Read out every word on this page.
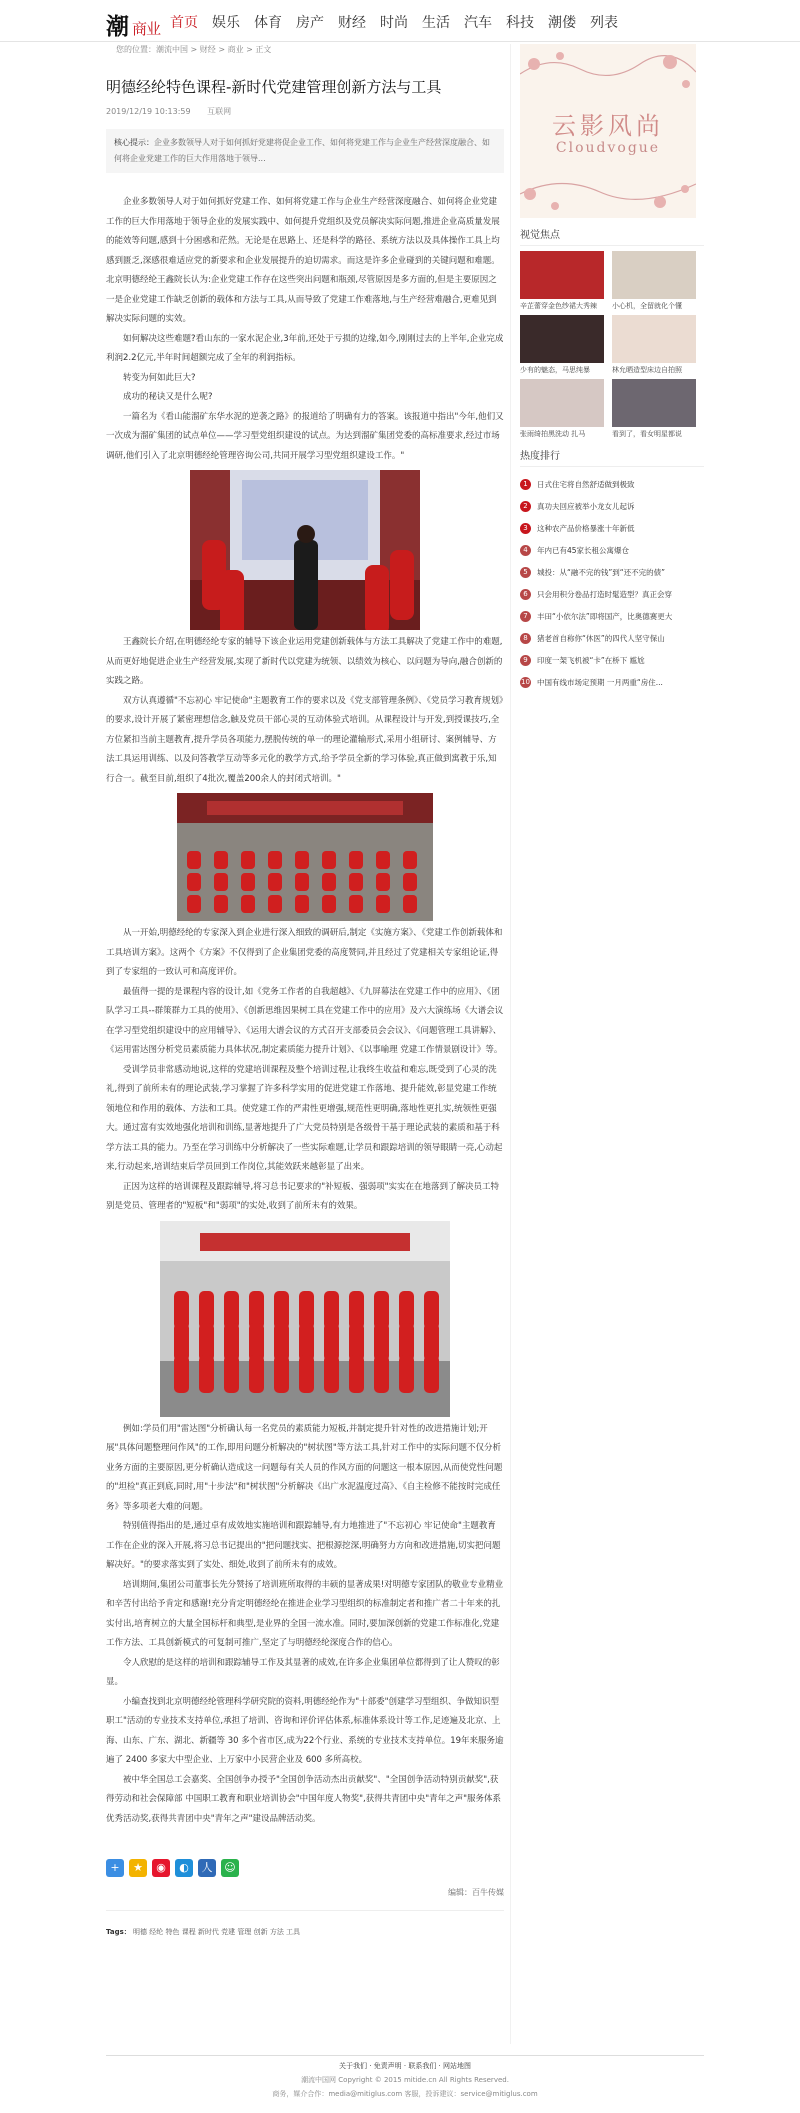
潮商业 首页 娱乐 体育 房产 财经 时尚 生活 汽车 科技 潮偻 列表
您的位置：潮流中国 > 财经 > 商业 > 正文
明德经纶特色课程-新时代党建管理创新方法与工具
2019/12/19 10:13:59 互联网
核心提示：企业多数领导人对于如何抓好党建将促企业工作、如何将党建工作与企业生产经营深度融合、如何将企业党建工作的巨大作用落地于领导...

企业多数领导人对于如何抓好党建工作、如何将党建工作与企业生产经营深度融合、如何将企业党建工作的巨大作用落地于领导企业的发展实践中、如何提升党组织及党员解决实际问题,推进企业高质量发展的能效等问题,感到十分困惑和茫然。无论是在思路上、还是科学的路径、系统方法以及具体操作工具上均感到匮乏,深感很难适应党的新要求和企业发展提升的迫切需求。而这是许多企业碰到的关键问题和难题。北京明德经纶王鑫院长认为:企业党建工作存在这些突出问题和瓶颈,尽管原因是多方面的,但是主要原因之一是企业党建工作缺乏创新的载体和方法与工具,从而导致了党建工作难落地,与生产经营难融合,更难见到解决实际问题的实效。

如何解决这些难题?看山东的一家水泥企业,3年前,还处于亏损的边缘,如今,刚刚过去的上半年,企业完成利润2.2亿元,半年时间超额完成了全年的利润指标。

转变为何如此巨大?

成功的秘诀又是什么呢?

一篇名为《看山能溜矿东华水泥的逆袭之路》的报道给了明确有力的答案。该报道中指出"今年,他们又一次成为溜矿集团的试点单位——学习型党组织建设的试点。为达到溜矿集团党委的高标准要求,经过市场调研,他们引入了北京明德经纶管理咨询公司,共同开展学习型党组织建设工作。"

王鑫院长介绍,在明德经纶专家的辅导下该企业运用党建创新载体与方法工具解决了党建工作中的难题,从而更好地促进企业生产经营发展,实现了新时代以党建为统领、以绩效为核心、以问题为导向,融合创新的实践之路。

双方认真遵循"不忘初心 牢记使命"主题教育工作的要求以及《党支部管理条例》、《党员学习教育规划》的要求,设计开展了紧密理想信念,触及党员干部心灵的互动体验式培训。从课程设计与开发,到授课技巧,全方位紧扣当前主题教育,提升学员各项能力,摆脱传统的单一的理论灌输形式,采用小组研讨、案例辅导、方法工具运用训练、以及问答教学互动等多元化的教学方式,给予学员全新的学习体验,真正做到寓教于乐,知行合一。截至目前,组织了4批次,覆盖200余人的封闭式培训。"

从一开始,明德经纶的专家深入到企业进行深入细致的调研后,制定《实施方案》、《党建工作创新载体和工具培训方案》。这两个《方案》不仅得到了企业集团党委的高度赞同,并且经过了党建相关专家组论证,得到了专家组的一致认可和高度评价。

最值得一提的是课程内容的设计,如《党务工作者的自我超越》、《九屏幕法在党建工作中的应用》、《团队学习工具--群策群力工具的使用》、《创新思维因果树工具在党建工作中的应用》及六大演练场《大谱会议在学习型党组织建设中的应用辅导》、《运用大谱会议的方式召开支部委员会会议》、《问题管理工具讲解》、《运用雷达图分析党员素质能力具体状况,制定素质能力提升计划》、《以事喻理 党建工作情景剧设计》等。

受训学员非常感动地说,这样的党建培训课程及整个培训过程,让我终生收益和难忘,既受到了心灵的洗礼,得到了前所未有的理论武装,学习掌握了许多科学实用的促进党建工作落地、提升能效,彰显党建工作统领地位和作用的载体、方法和工具。使党建工作的严肃性更增强,规范性更明确,落地性更扎实,统领性更强大。通过富有实效地强化培训和训练,显著地提升了广大党员特别是各级骨干基于理论武装的素质和基于科学方法工具的能力。乃至在学习训练中分析解决了一些实际难题,让学员和跟踪培训的领导眼睛一亮,心动起来,行动起来,培训结束后学员回到工作岗位,其能效跃来越彰显了出来。

正因为这样的培训课程及跟踪辅导,将习总书记要求的"补短板、强弱项"实实在在地落到了解决员工特别是党员、管理者的"短板"和"弱项"的实处,收到了前所未有的效果。

例如:学员们用"雷达图"分析确认每一名党员的素质能力短板,并制定提升针对性的改进措施计划;开展"具体问题整理问作风"的工作,即用问题分析解决的"树状图"等方法工具,针对工作中的实际问题不仅分析业务方面的主要原因,更分析确认造成这一问题每有关人员的作风方面的问题这一根本原因,从而使党性问题的"坦检"真正到底,同时,用"十步法"和"树状图"分析解决《出广水泥温度过高》、《自主检修不能按时完成任务》等多项老大难的问题。

特别值得指出的是,通过卓有成效地实施培训和跟踪辅导,有力地推进了"不忘初心 牢记使命"主题教育工作在企业的深入开展,将习总书记提出的"把问题找实、把根源挖深,明确努力方向和改进措施,切实把问题解决好。"的要求落实到了实处、细处,收到了前所未有的成效。

培训期间,集团公司董事长先分赞扬了培训班所取得的丰硕的显著成果!对明德专家团队的敬业专业精业和辛苦付出给予肯定和感谢!充分肯定明德经纶在推进企业学习型组织的标准制定者和推广者二十年来的扎实付出,培育树立的大量全国标杆和典型,是业界的全国一流水准。同时,要加深创新的党建工作标准化,党建工作方法、工具创新模式的可复制可推广,坚定了与明德经纶深度合作的信心。

令人欣慰的是这样的培训和跟踪辅导工作及其显著的成效,在许多企业集团单位都得到了让人赞叹的彰显。

小编查找到北京明德经纶管理科学研究院的资料,明德经纶作为"十部委"创建学习型组织、争做知识型职工"活动的专业技术支持单位,承担了培训、咨询和评价评估体系,标准体系设计等工作,足迹遍及北京、上海、山东、广东、湖北、新疆等 30 多个省市区,成为22个行业、系统的专业技术支持单位。19年来服务逾遍了 2400 多家大中型企业、上万家中小民营企业及 600 多所高校。

被中华全国总工会嘉奖、全国创争办授予"全国创争活动杰出贡献奖"、"全国创争活动特别贡献奖",获得劳动和社会保障部 中国职工教育和职业培训协会"中国年度人物奖",获得共青团中央"青年之声"服务体系优秀活动奖,获得共青团中央"青年之声"建设品牌活动奖。

+	★	◉	◐	人	☺
编辑：百牛传媒
Tags： 明德 经纶 特色 课程 新时代 党建 管理 创新 方法 工具
云影风尚
Cloudvogue
视觉焦点
辛芷蕾穿金色纱裙大秀辣	小心机，全留就化个懂
少有的魅态，马思纯暴	林允晒造型床边自拍照
张雨绮拍黑洗动 扎马	看到了，看女明星都说
热度排行
1	日式住宅将自然舒适做到极致
2	真功夫回应被举小龙女儿起诉
3	这种农产品价格暴涨十年新低
4	年内已有45家长租公寓爆仓
5	城投：从“融不完的钱”到“还不完的债”
6	只会用积分卷品打造时髦造型？真正会穿
7	丰田“小依尔法”即将国产，比奥德赛更大
8	猪老首自称你“休医”的四代人坚守保山
9	印度一架飞机被“卡”在桥下 尴尬
10 中国有线市场定预期 一月两重“房住...
关于我们 · 免责声明 · 联系我们 · 网站地图
潮流中国网 Copyright © 2015 mitide.cn All Rights Reserved.
商务，媒介合作：media@mitiglus.com 客服，投诉建议：service@mitiglus.com
